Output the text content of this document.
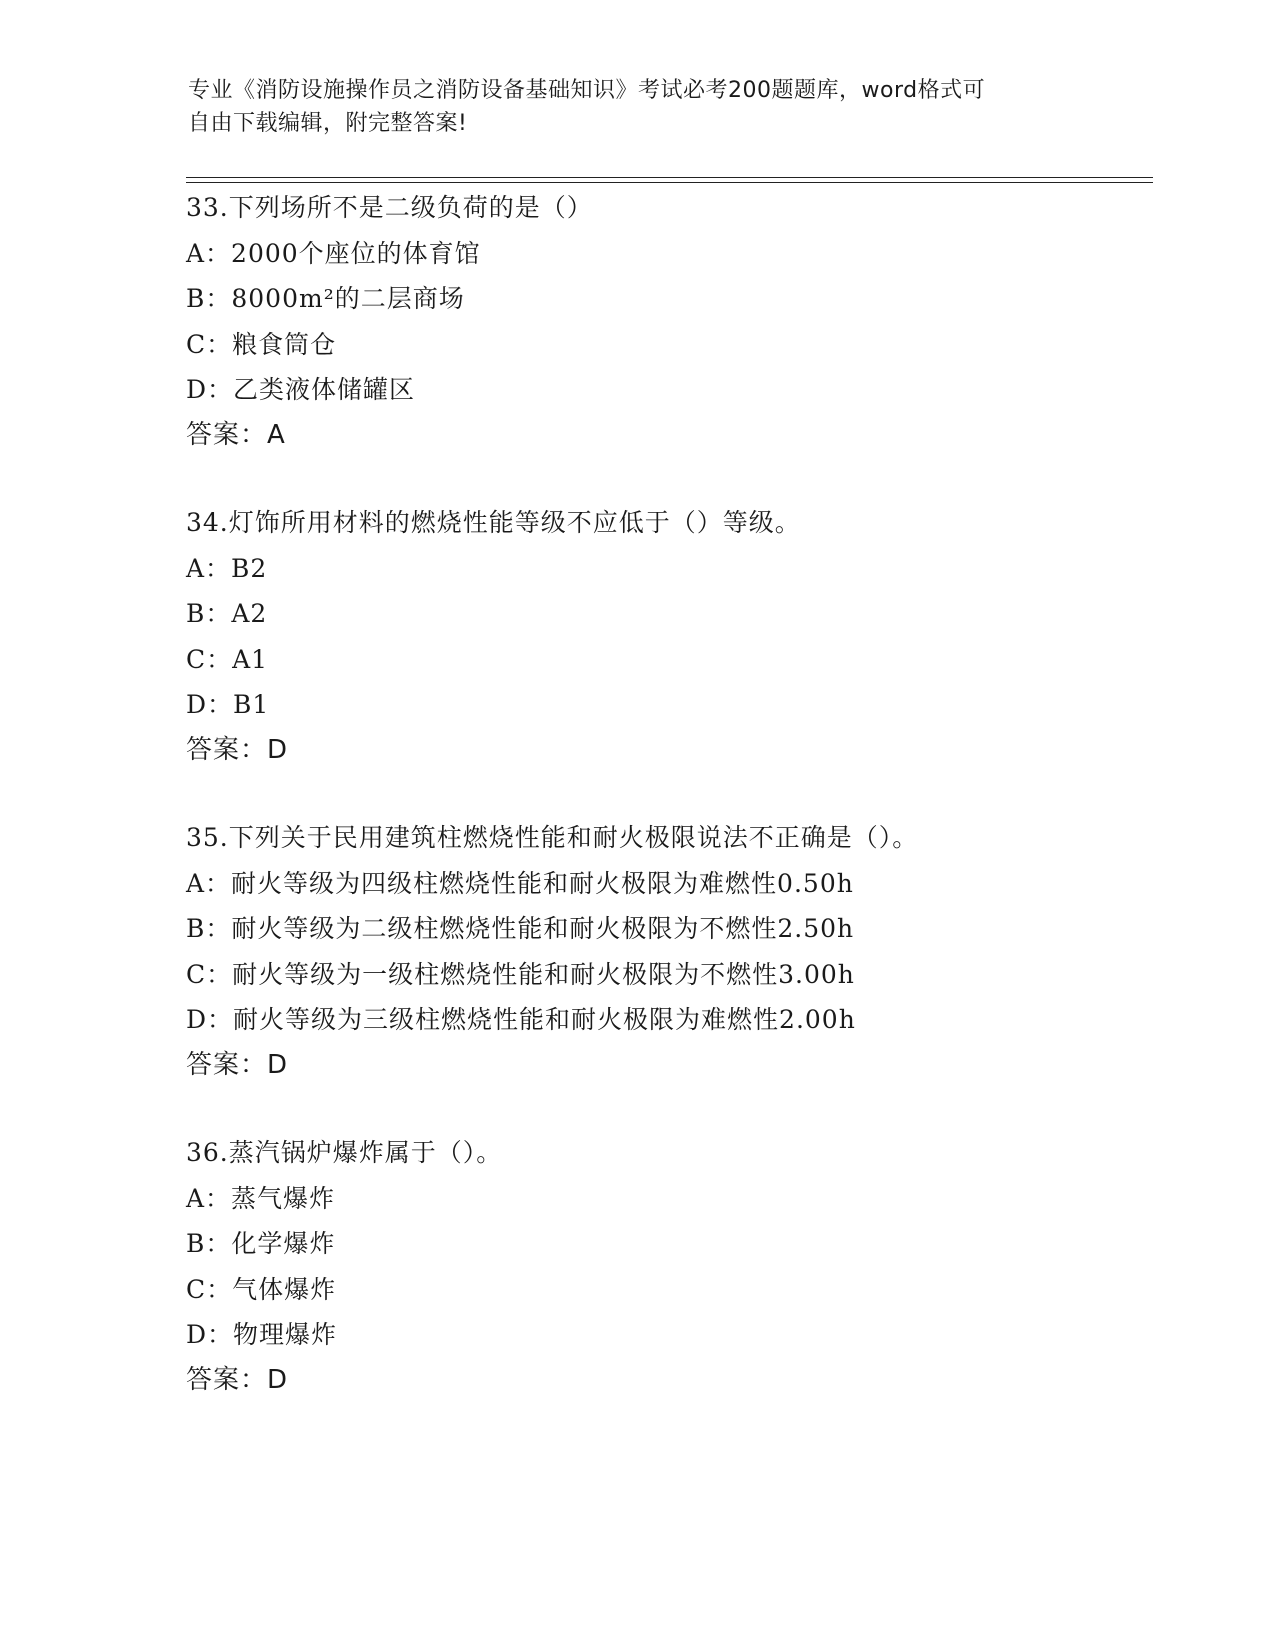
专业《消防设施操作员之消防设备基础知识》考试必考200题题库，word格式可
自由下载编辑，附完整答案!
33.下列场所不是二级负荷的是（）
A：2000个座位的体育馆
B：8000m²的二层商场
C：粮食筒仓
D：乙类液体储罐区
答案：A
34.灯饰所用材料的燃烧性能等级不应低于（）等级。
A：B2
B：A2
C：A1
D：B1
答案：D
35.下列关于民用建筑柱燃烧性能和耐火极限说法不正确是（）。
A：耐火等级为四级柱燃烧性能和耐火极限为难燃性0.50h
B：耐火等级为二级柱燃烧性能和耐火极限为不燃性2.50h
C：耐火等级为一级柱燃烧性能和耐火极限为不燃性3.00h
D：耐火等级为三级柱燃烧性能和耐火极限为难燃性2.00h
答案：D
36.蒸汽锅炉爆炸属于（）。
A：蒸气爆炸
B：化学爆炸
C：气体爆炸
D：物理爆炸
答案：D
